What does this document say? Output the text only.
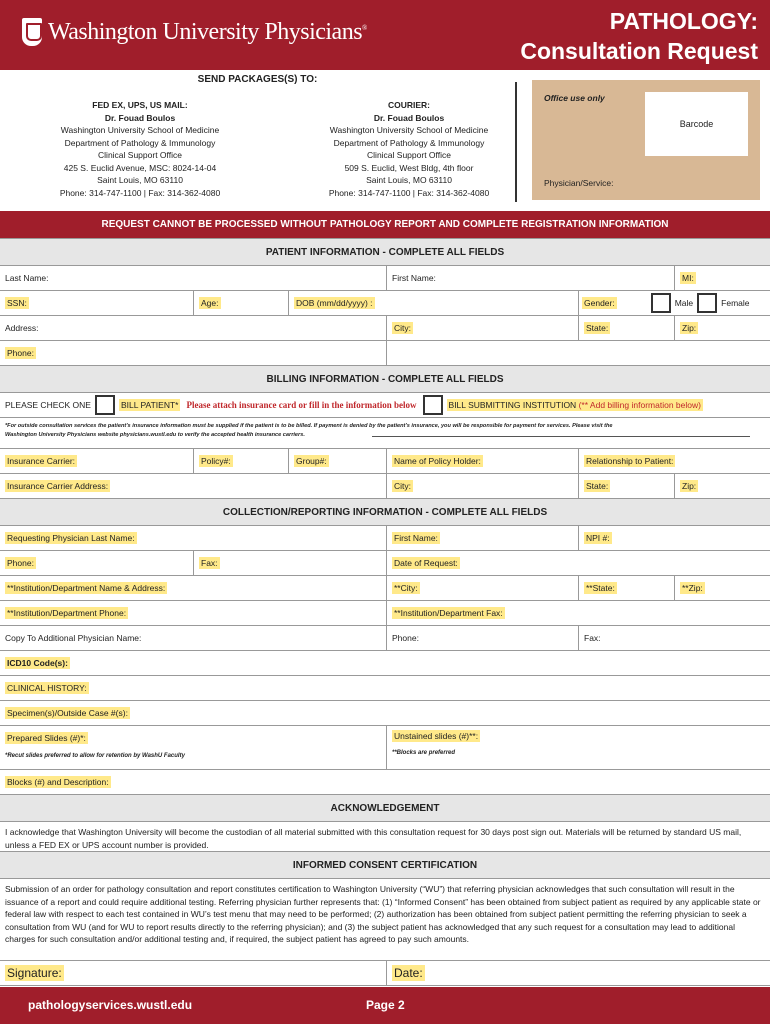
Washington University Physicians®	PATHOLOGY:
Consultation Request
SEND PACKAGES(S) TO:
FED EX, UPS, US MAIL:
Dr. Fouad Boulos
Washington University School of Medicine
Department of Pathology & Immunology
Clinical Support Office
425 S. Euclid Avenue, MSC: 8024-14-04
Saint Louis, MO 63110
Phone: 314-747-1100 | Fax: 314-362-4080
COURIER:
Dr. Fouad Boulos
Washington University School of Medicine
Department of Pathology & Immunology
Clinical Support Office
509 S. Euclid, West Bldg, 4th floor
Saint Louis, MO 63110
Phone: 314-747-1100 | Fax: 314-362-4080
Office use only
Barcode
Physician/Service:
REQUEST CANNOT BE PROCESSED WITHOUT PATHOLOGY REPORT AND COMPLETE REGISTRATION INFORMATION
PATIENT INFORMATION - COMPLETE ALL FIELDS
Last Name:	First Name:	MI:
SSN:	Age:	DOB (mm/dd/yyyy) :	Gender:	Male	Female
Address:	City:	State:	Zip:
Phone:
BILLING INFORMATION - COMPLETE ALL FIELDS
PLEASE CHECK ONE	BILL PATIENT* Please attach insurance card or fill in the information below	BILL SUBMITTING INSTITUTION (** Add billing information below)
*For outside consultation services the patient's insurance information must be supplied if the patient is to be billed. If payment is denied by the patient's insurance, you will be responsible for payment for services. Please visit the
Washington University Physicians website physicians.wustl.edu to verify the accepted health insurance carriers.
Insurance Carrier:	Policy#:	Group#:	Name of Policy Holder:	Relationship to Patient:
Insurance Carrier Address:	City:	State:	Zip:
COLLECTION/REPORTING INFORMATION - COMPLETE ALL FIELDS
Requesting Physician Last Name:	First Name:	NPI #:
Phone:	Fax:	Date of Request:
**Institution/Department Name & Address:	**City:	**State:	**Zip:
**Institution/Department Phone:	**Institution/Department Fax:
Copy To Additional Physician Name:	Phone:	Fax:
ICD10 Code(s):
CLINICAL HISTORY:
Specimen(s)/Outside Case #(s):
Prepared Slides (#)*:
*Recut slides preferred to allow for retention by WashU Faculty
Unstained slides (#)**:
**Blocks are preferred
Blocks (#) and Description:
ACKNOWLEDGEMENT
I acknowledge that Washington University will become the custodian of all material submitted with this consultation request for 30 days post sign out. Materials will be returned by standard US mail, unless a FED EX or UPS account number is provided.
INFORMED CONSENT CERTIFICATION
Submission of an order for pathology consultation and report constitutes certification to Washington University (“WU”) that referring physician acknowledges that such consultation will result in the issuance of a report and could require additional testing. Referring physician further represents that: (1) “Informed Consent” has been obtained from subject patient as required by any applicable state or federal law with respect to each test contained in WU’s test menu that may need to be performed; (2) authorization has been obtained from subject patient permitting the referring physician to seek a consultation from WU (and for WU to report results directly to the referring physician); and (3) the subject patient has acknowledged that any such request for a consultation may lead to additional charges for such consultation and/or additional testing and, if required, the subject patient has agreed to pay such amounts.
Signature:	Date:
pathologyservices.wustl.edu	Page 2
